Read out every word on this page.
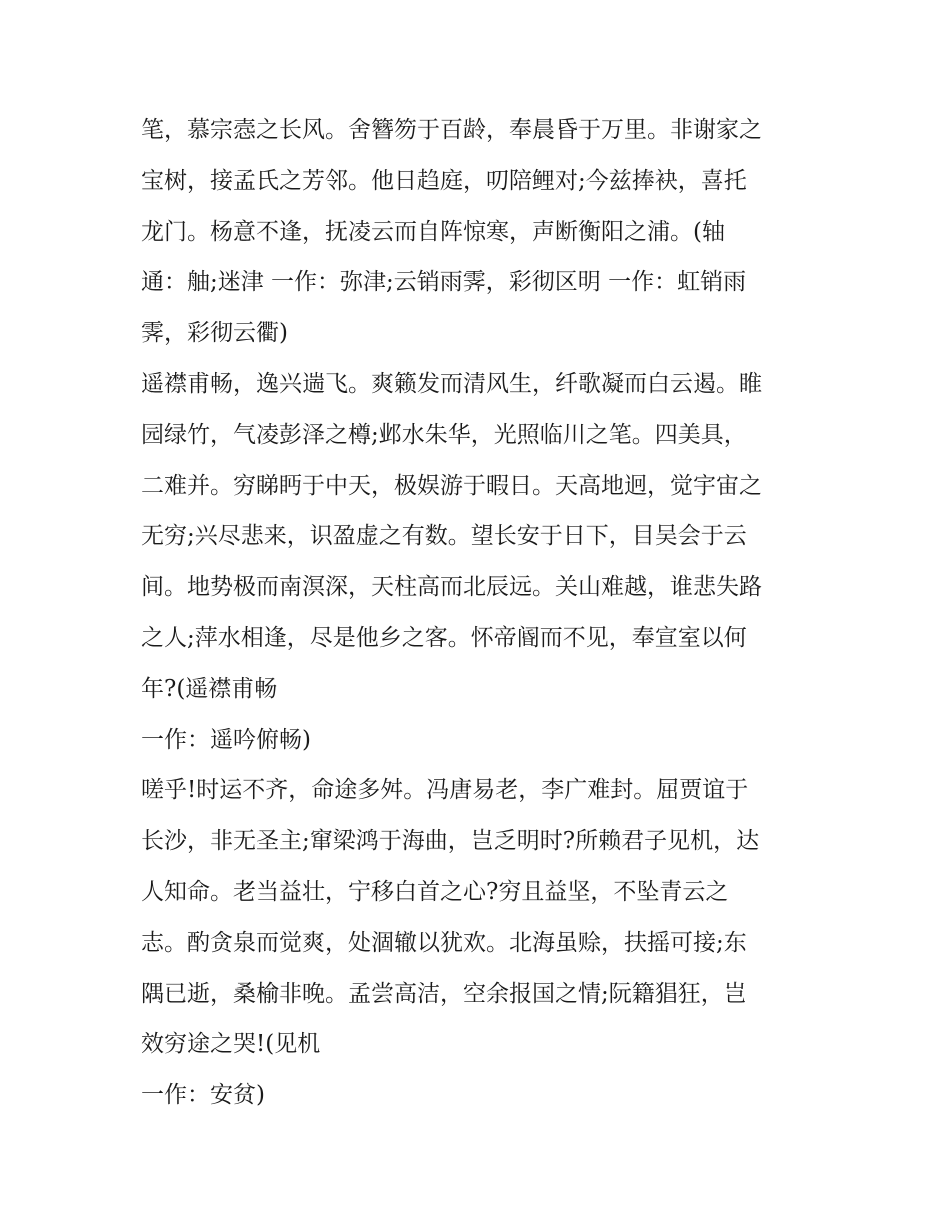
笔，慕宗悫之长风。舍簪笏于百龄，奉晨昏于万里。非谢家之
宝树，接孟氏之芳邻。他日趋庭，叨陪鲤对;今兹捧袂，喜托
龙门。杨意不逢，抚凌云而自阵惊寒，声断衡阳之浦。(轴
通：舳;迷津 一作：弥津;云销雨霁，彩彻区明 一作：虹销雨
霁，彩彻云衢)
遥襟甫畅，逸兴遄飞。爽籁发而清风生，纤歌凝而白云遏。睢
园绿竹，气凌彭泽之樽;邺水朱华，光照临川之笔。四美具，
二难并。穷睇眄于中天，极娱游于暇日。天高地迥，觉宇宙之
无穷;兴尽悲来，识盈虚之有数。望长安于日下，目吴会于云
间。地势极而南溟深，天柱高而北辰远。关山难越，谁悲失路
之人;萍水相逢，尽是他乡之客。怀帝阍而不见，奉宣室以何
年?(遥襟甫畅
一作：遥吟俯畅)
嗟乎!时运不齐，命途多舛。冯唐易老，李广难封。屈贾谊于
长沙，非无圣主;窜梁鸿于海曲，岂乏明时?所赖君子见机，达
人知命。老当益壮，宁移白首之心?穷且益坚，不坠青云之
志。酌贪泉而觉爽，处涸辙以犹欢。北海虽赊，扶摇可接;东
隅已逝，桑榆非晚。孟尝高洁，空余报国之情;阮籍猖狂，岂
效穷途之哭!(见机
一作：安贫)
